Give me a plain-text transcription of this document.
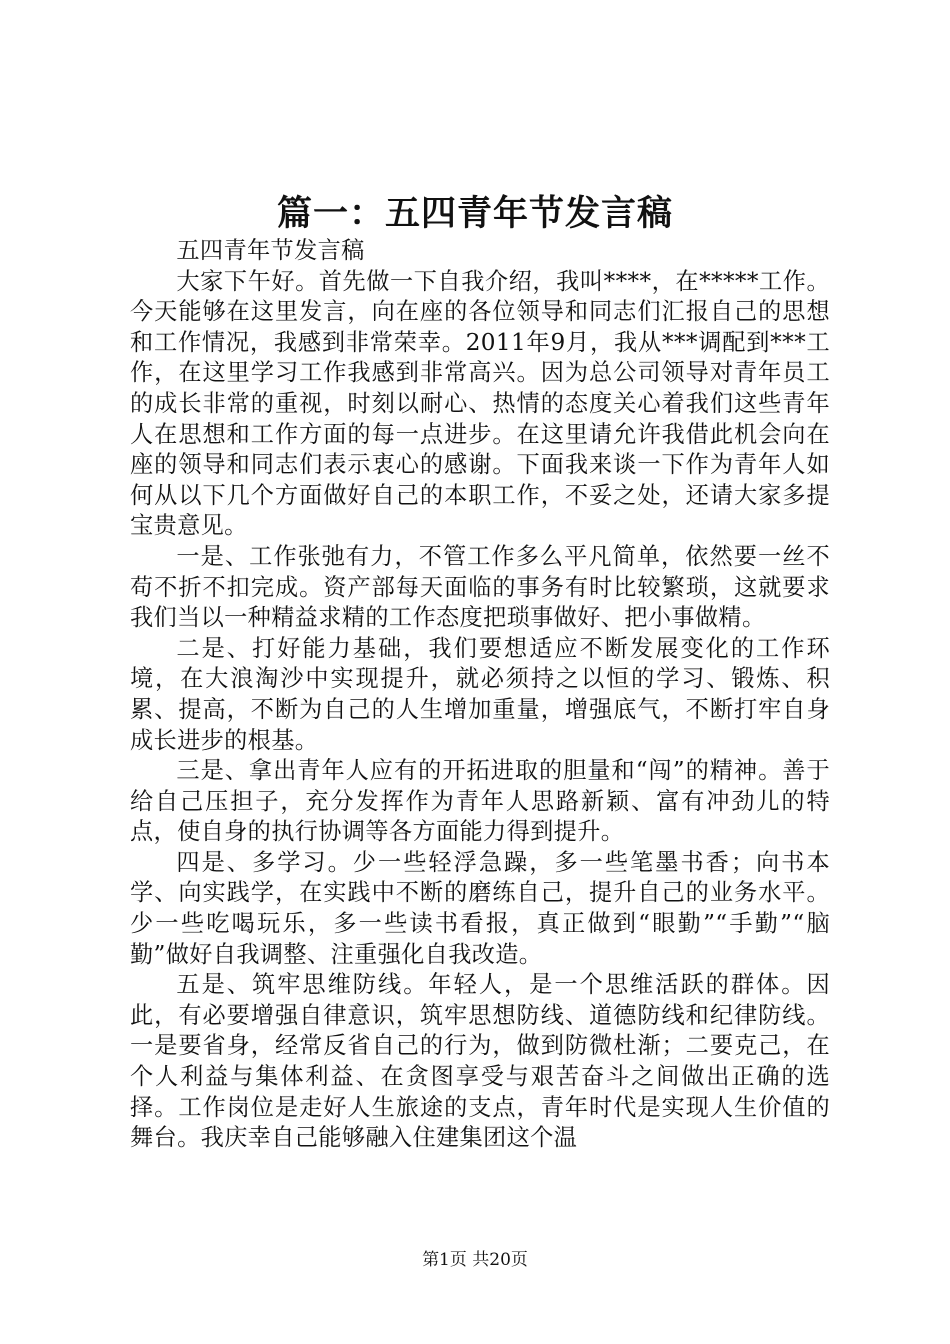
篇一：五四青年节发言稿

五四青年节发言稿

大家下午好。首先做一下自我介绍，我叫****，在*****工作。今天能够在这里发言，向在座的各位领导和同志们汇报自己的思想和工作情况，我感到非常荣幸。2011年9月，我从***调配到***工作，在这里学习工作我感到非常高兴。因为总公司领导对青年员工的成长非常的重视，时刻以耐心、热情的态度关心着我们这些青年人在思想和工作方面的每一点进步。在这里请允许我借此机会向在座的领导和同志们表示衷心的感谢。下面我来谈一下作为青年人如何从以下几个方面做好自己的本职工作，不妥之处，还请大家多提宝贵意见。

一是、工作张弛有力，不管工作多么平凡简单，依然要一丝不苟不折不扣完成。资产部每天面临的事务有时比较繁琐，这就要求我们当以一种精益求精的工作态度把琐事做好、把小事做精。

二是、打好能力基础，我们要想适应不断发展变化的工作环境，在大浪淘沙中实现提升，就必须持之以恒的学习、锻炼、积累、提高，不断为自己的人生增加重量，增强底气，不断打牢自身成长进步的根基。

三是、拿出青年人应有的开拓进取的胆量和“闯”的精神。善于给自己压担子，充分发挥作为青年人思路新颖、富有冲劲儿的特点，使自身的执行协调等各方面能力得到提升。

四是、多学习。少一些轻浮急躁，多一些笔墨书香；向书本学、向实践学，在实践中不断的磨练自己，提升自己的业务水平。少一些吃喝玩乐，多一些读书看报，真正做到“眼勤”“手勤”“脑勤”做好自我调整、注重强化自我改造。

五是、筑牢思维防线。年轻人，是一个思维活跃的群体。因此，有必要增强自律意识，筑牢思想防线、道德防线和纪律防线。一是要省身，经常反省自己的行为，做到防微杜渐；二要克己，在个人利益与集体利益、在贪图享受与艰苦奋斗之间做出正确的选择。工作岗位是走好人生旅途的支点，青年时代是实现人生价值的舞台。我庆幸自己能够融入住建集团这个温

第1页 共20页
